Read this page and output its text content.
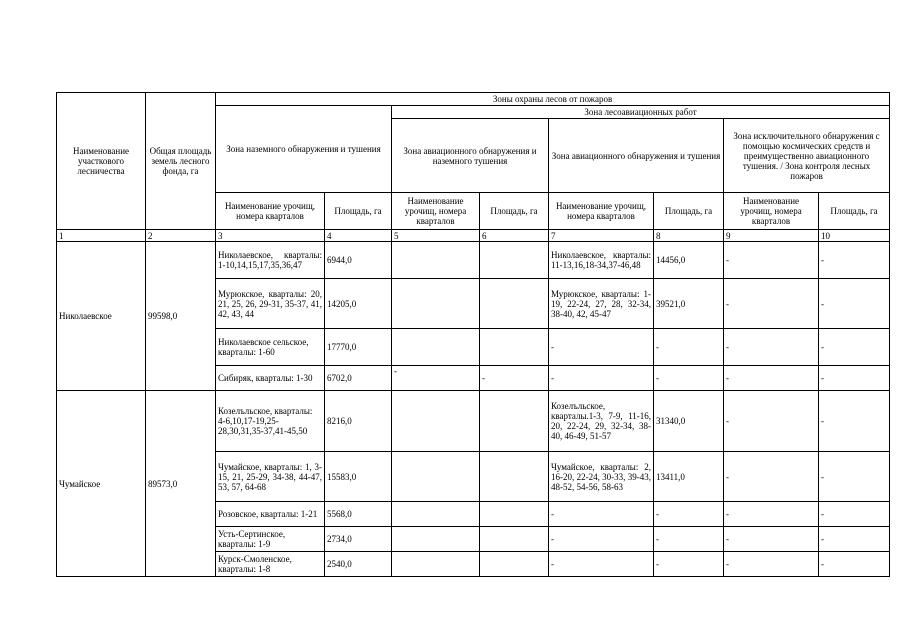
Наименование участкового лесничества	Общая площадь земель лесного фонда, га	Зоны охраны лесов от пожаров							
		Зона наземного обнаружения и тушения		Зона лесоавиационных работ					
				Зона авиационного обнаружения и наземного тушения		Зона авиационного обнаружения и тушения		Зона исключительного обнаружения с помощью космических средств и преимущественно авиационного тушения. / Зона контроля лесных пожаров	
		Наименование урочищ, номера кварталов	Площадь, га	Наименование урочищ, номера кварталов	Площадь, га	Наименование урочищ, номера кварталов	Площадь, га	Наименование урочищ, номера кварталов	Площадь, га
1	2	3	4	5	6	7	8	9	10
Николаевское	99598,0	Николаевское, кварталы: 1-10,14,15,17,35,36,47	6944,0			Николаевское, кварталы: 11-13,16,18-34,37-46,48	14456,0	-	-
		Мурюкское, кварталы: 20, 21, 25, 26, 29-31, 35-37, 41, 42, 43, 44	14205,0			Мурюкское, кварталы: 1-19, 22-24, 27, 28, 32-34, 38-40, 42, 45-47	39521,0	-	-
		Николаевское сельское, кварталы: 1-60	17770,0			-	-	-	-
		Сибиряк, кварталы: 1-30	6702,0	-	-	-	-	-	-
Чумайское	89573,0	Козелъльское, кварталы: 4-6,10,17-19,25-28,30,31,35-37,41-45,50	8216,0			Козелъльское, кварталы.1-3, 7-9, 11-16, 20, 22-24, 29, 32-34, 38-40, 46-49, 51-57	31340,0	-	-
		Чумайское, кварталы: 1, 3-15, 21, 25-29, 34-38, 44-47, 53, 57, 64-68	15583,0			Чумайское, кварталы: 2, 16-20, 22-24, 30-33, 39-43, 48-52, 54-56, 58-63	13411,0	-	-
		Розовское, кварталы: 1-21	5568,0			-	-	-	-
		Усть-Сертинское, кварталы: 1-9	2734,0			-	-	-	-
		Курск-Смоленское, кварталы: 1-8	2540,0			-	-	-	-
